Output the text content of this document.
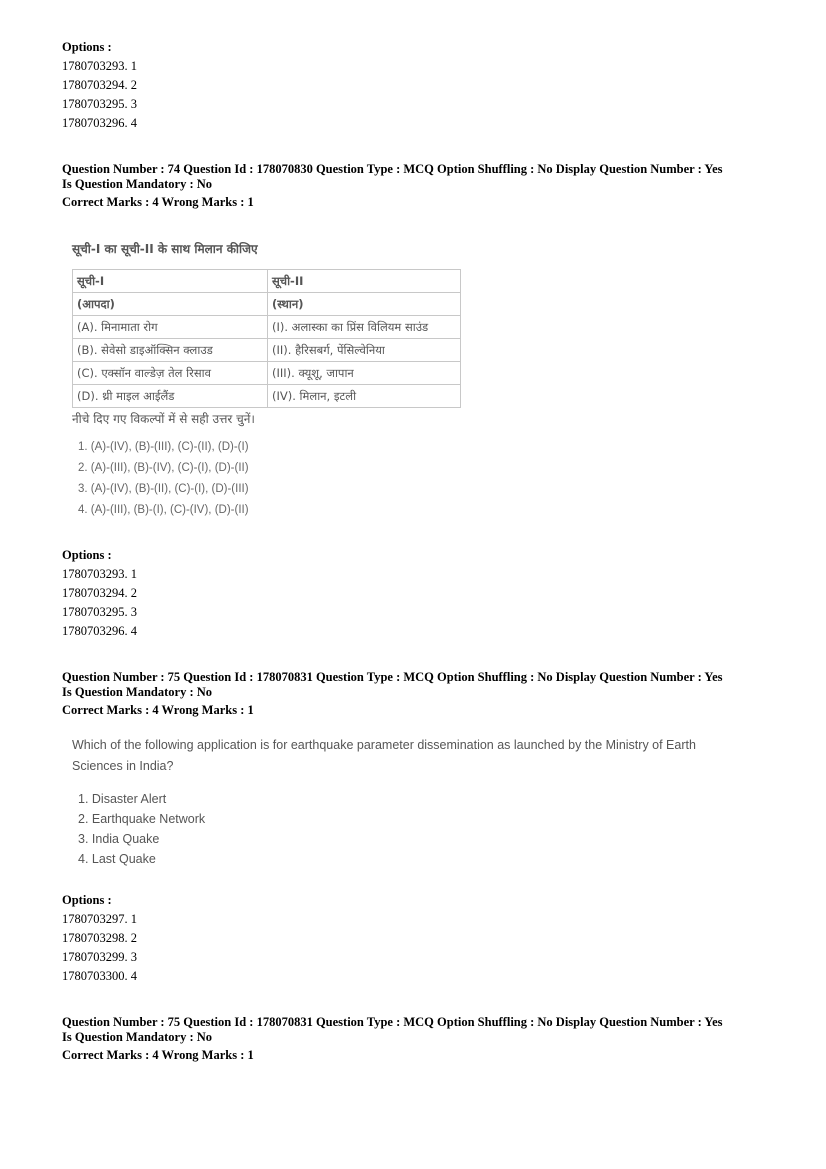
Options :
1780703293. 1
1780703294. 2
1780703295. 3
1780703296. 4
Question Number : 74 Question Id : 178070830 Question Type : MCQ Option Shuffling : No Display Question Number : Yes
Is Question Mandatory : No
Correct Marks : 4 Wrong Marks : 1
सूची-I का सूची-II के साथ मिलान कीजिए
सूची-I	सूची-II
(आपदा)	(स्थान)
(A). मिनामाता रोग	(I). अलास्का का प्रिंस विलियम साउंड
(B). सेवेसो डाइऑक्सिन क्लाउड	(II). हैरिसबर्ग, पेंसिल्वेनिया
(C). एक्सॉन वाल्डेज़ तेल रिसाव	(III). क्यूशू, जापान
(D). थ्री माइल आईलैंड	(IV). मिलान, इटली
नीचे दिए गए विकल्पों में से सही उत्तर चुनें।
1. (A)-(IV), (B)-(III), (C)-(II), (D)-(I)
2. (A)-(III), (B)-(IV), (C)-(I), (D)-(II)
3. (A)-(IV), (B)-(II), (C)-(I), (D)-(III)
4. (A)-(III), (B)-(I), (C)-(IV), (D)-(II)
Options :
1780703293. 1
1780703294. 2
1780703295. 3
1780703296. 4
Question Number : 75 Question Id : 178070831 Question Type : MCQ Option Shuffling : No Display Question Number : Yes
Is Question Mandatory : No
Correct Marks : 4 Wrong Marks : 1
Which of the following application is for earthquake parameter dissemination as launched by the Ministry of Earth
Sciences in India?
1. Disaster Alert
2. Earthquake Network
3. India Quake
4. Last Quake
Options :
1780703297. 1
1780703298. 2
1780703299. 3
1780703300. 4
Question Number : 75 Question Id : 178070831 Question Type : MCQ Option Shuffling : No Display Question Number : Yes
Is Question Mandatory : No
Correct Marks : 4 Wrong Marks : 1
